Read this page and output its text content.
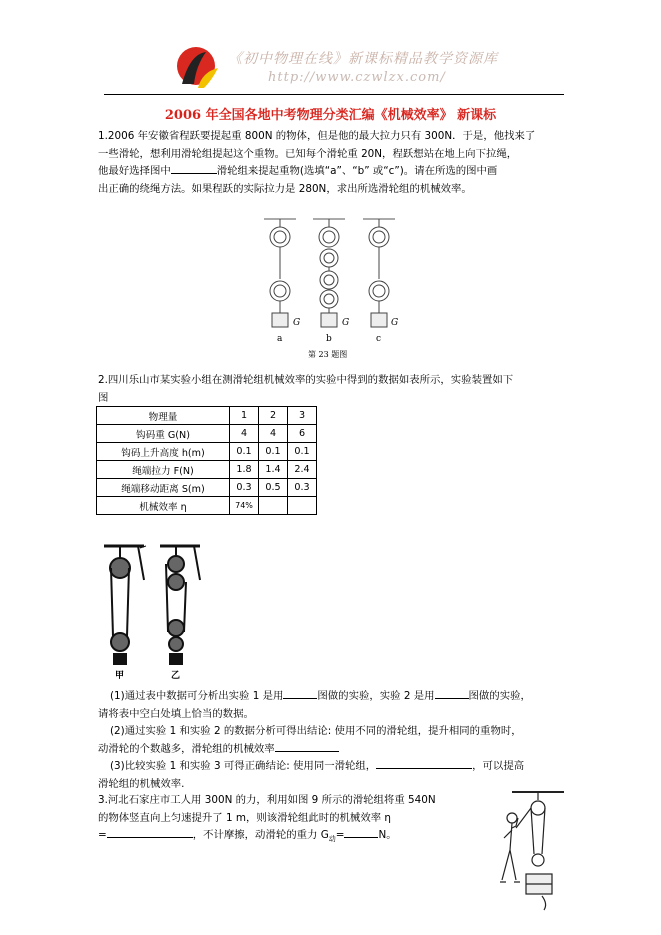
《初中物理在线》新课标精品教学资源库
http://www.czwlzx.com/
2006 年全国各地中考物理分类汇编《机械效率》 新课标
1.2006 年安徽省程跃要提起重 800N 的物体，但是他的最大拉力只有 300N．于是，他找来了
一些滑轮，想利用滑轮组提起这个重物。已知每个滑轮重 20N，程跃想站在地上向下拉绳，
他最好选择图中	滑轮组来提起重物(选填“a”、“b” 或“c”)。请在所选的图中画
出正确的绕绳方法。如果程跃的实际拉力是 280N，求出所选滑轮组的机械效率。
G	G	G
a	b	c
第 23 题图
2.四川乐山市某实验小组在测滑轮组机械效率的实验中得到的数据如表所示，实验装置如下
图
物理量	1	2	3
钩码重 G(N)	4	4	6
钩码上升高度 h(m)	0.1	0.1	0.1
绳端拉力 F(N)	1.8	1.4	2.4
绳端移动距离 S(m)	0.3	0.5	0.3
机械效率 η	74%		
甲	乙
(1)通过表中数据可分析出实验 1 是用	图做的实验，实验 2 是用	图做的实验，
请将表中空白处填上恰当的数据。
(2)通过实验 1 和实验 2 的数据分析可得出结论: 使用不同的滑轮组，提升相同的重物时，
动滑轮的个数越多，滑轮组的机械效率
(3)比较实验 1 和实验 3 可得正确结论: 使用同一滑轮组，	，可以提高
滑轮组的机械效率.
3.河北石家庄市工人用 300N 的力，利用如图 9 所示的滑轮组将重 540N
的物体竖直向上匀速提升了 1 m，则该滑轮组此时的机械效率 η
=	，不计摩擦，动滑轮的重力 $G_动=$	N。
